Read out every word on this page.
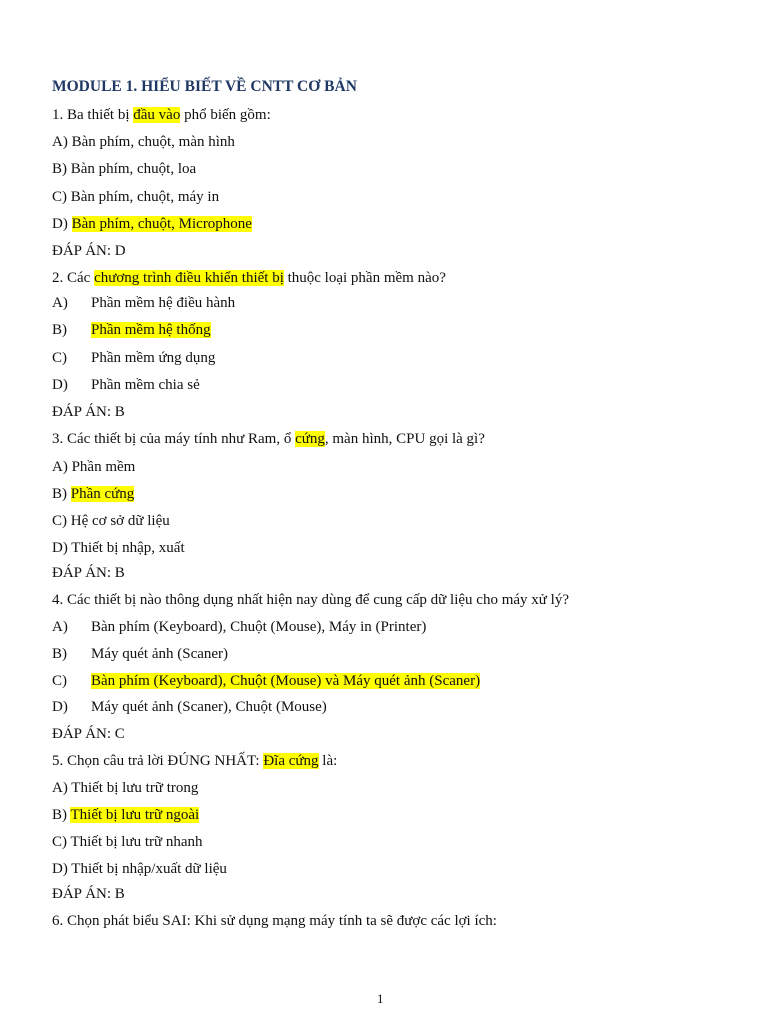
MODULE 1. HIỂU BIẾT VỀ CNTT CƠ BẢN
1. Ba thiết bị đầu vào phổ biến gồm:
A) Bàn phím, chuột, màn hình
B) Bàn phím, chuột, loa
C) Bàn phím, chuột, máy in
D) Bàn phím, chuột, Microphone
ĐÁP ÁN: D
2. Các chương trình điều khiển thiết bị thuộc loại phần mềm nào?
A) Phần mềm hệ điều hành
B) Phần mềm hệ thống
C) Phần mềm ứng dụng
D) Phần mềm chia sẻ
ĐÁP ÁN: B
3. Các thiết bị của máy tính như Ram, ổ cứng, màn hình, CPU gọi là gì?
A) Phần mềm
B) Phần cứng
C) Hệ cơ sở dữ liệu
D) Thiết bị nhập, xuất
ĐÁP ÁN: B
4. Các thiết bị nào thông dụng nhất hiện nay dùng để cung cấp dữ liệu cho máy xử lý?
A) Bàn phím (Keyboard), Chuột (Mouse), Máy in (Printer)
B) Máy quét ảnh (Scaner)
C) Bàn phím (Keyboard), Chuột (Mouse) và Máy quét ảnh (Scaner)
D) Máy quét ảnh (Scaner), Chuột (Mouse)
ĐÁP ÁN: C
5. Chọn câu trả lời ĐÚNG NHẤT: Đĩa cứng là:
A) Thiết bị lưu trữ trong
B) Thiết bị lưu trữ ngoài
C) Thiết bị lưu trữ nhanh
D) Thiết bị nhập/xuất dữ liệu
ĐÁP ÁN: B
6. Chọn phát biểu SAI: Khi sử dụng mạng máy tính ta sẽ được các lợi ích:
1
